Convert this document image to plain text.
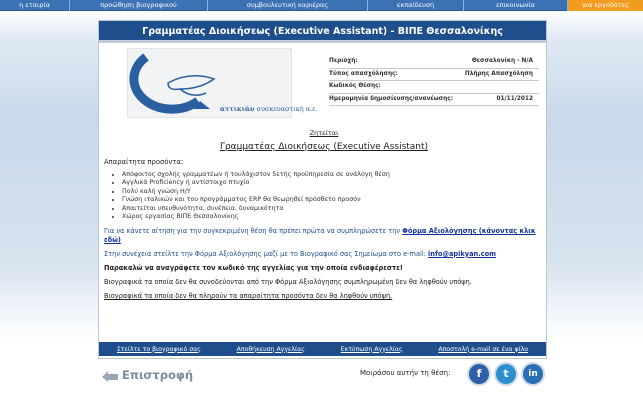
η εταιρία	προώθηση βιογραφικού	συμβουλευτική καριέρας	εκπαίδευση	επικοινωνία	για εργοδότες
Γραμματέας Διοικήσεως (Executive Assistant) - ΒΙΠΕ Θεσσαλονίκης
αττικιάν συσκευαστική α.ε.
Περιοχή:	Θεσσαλονίκη - N/A
Τύπος απασχόλησης:	Πλήρης Απασχόληση
Κωδικός Θέσης:
Ημερομηνία δημοσίευσης/ανανέωσης:	01/11/2012
Ζητείται
Γραμματέας Διοικήσεως (Executive Assistant)
Απαραίτητα προσόντα:
• Απόφοιτος σχολής γραμματέων ή τουλάχιστον 5ετής προϋπηρεσία σε ανάλογη θέση
• Αγγλικά Proficiency ή αντίστοιχο πτυχίο
• Πολύ καλή γνώση Η/Υ
• Γνώση ιταλικών και του προγράμματος ERP θα θεωρηθεί πρόσθετο προσόν
• Απαιτείται υπευθυνότητα, συνέπεια, δυναμικότητα
• Χώρος εργασίας ΒΙΠΕ Θεσσαλονίκης

Για να κάνετε αίτηση για την συγκεκριμένη θέση θα πρέπει πρώτα να συμπληρώσετε την Φόρμα Αξιολόγησης (κάνοντας κλικ εδώ)

Στην συνέχεια στείλτε την Φόρμα Αξιολόγησης μαζί με το Βιογραφικό σας Σημείωμα στο e-mail: info@apikyan.com

Παρακαλώ να αναγράφετε τον κωδικό της αγγελίας για την οποία ενδιαφέρεστε!

Βιογραφικά τα οποία δεν θα συνοδεύονται από την Φόρμα Αξιολόγησης συμπληρωμένη δεν θα ληφθούν υπόψη.

Βιογραφικά τα οποία δεν θα πληρούν τα απαραίτητα προσόντα δεν θα ληφθούν υπόψη.

Στείλτε το βιογραφικό σας	Αποθήκευση Αγγελίας	Εκτύπωση Αγγελίας	Αποστολή e-mail σε ένα φίλο
Επιστροφή	Μοιράσου αυτήν τη θέση:	f	t	in
